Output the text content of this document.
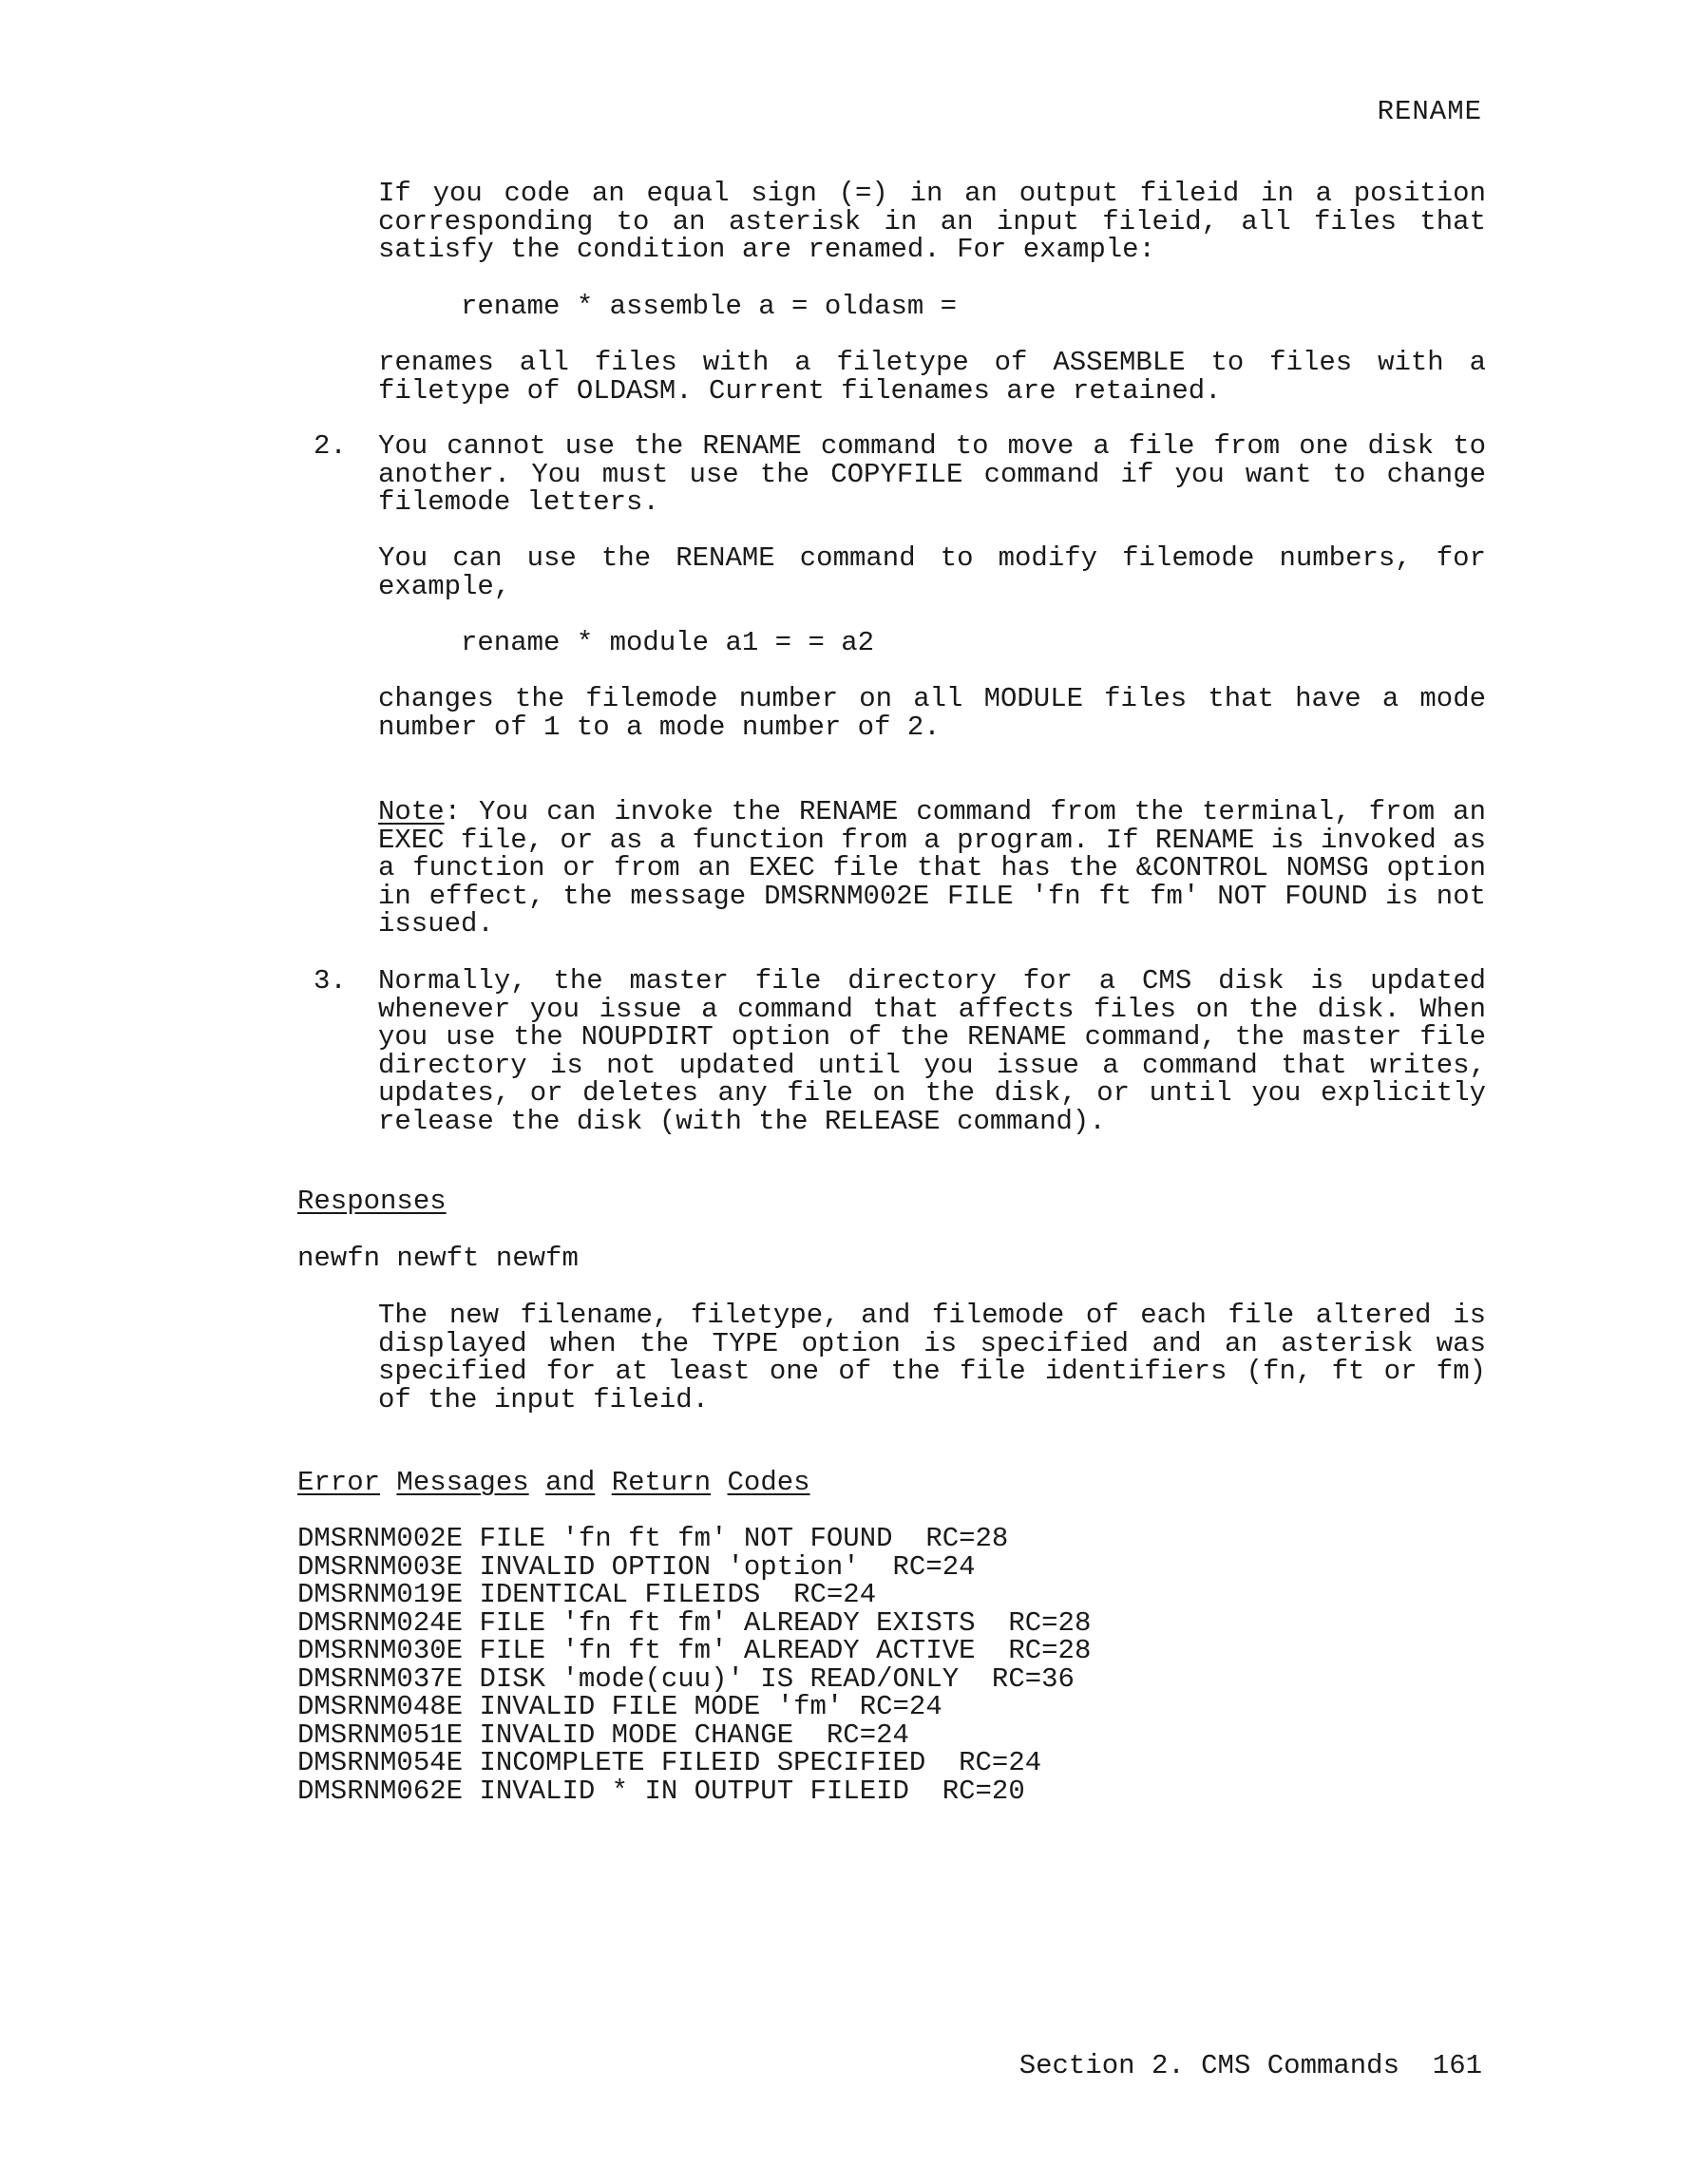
RENAME
If you code an equal sign (=) in an output fileid in a position
corresponding to an asterisk in an input fileid, all files that
satisfy the condition are renamed. For example:
rename * assemble a = oldasm =
renames all files with a filetype of ASSEMBLE to files with a
filetype of OLDASM. Current filenames are retained.
2. You cannot use the RENAME command to move a file from one disk to
another. You must use the COPYFILE command if you want to change
filemode letters.
You can use the RENAME command to modify filemode numbers, for
example,
rename * module a1 = = a2
changes the filemode number on all MODULE files that have a mode
number of 1 to a mode number of 2.
Note: You can invoke the RENAME command from the terminal, from an
EXEC file, or as a function from a program. If RENAME is invoked as
a function or from an EXEC file that has the &CONTROL NOMSG option
in effect, the message DMSRNM002E FILE 'fn ft fm' NOT FOUND is not
issued.
3. Normally, the master file directory for a CMS disk is updated
whenever you issue a command that affects files on the disk. When
you use the NOUPDIRT option of the RENAME command, the master file
directory is not updated until you issue a command that writes,
updates, or deletes any file on the disk, or until you explicitly
release the disk (with the RELEASE command).
Responses
newfn newft newfm
The new filename, filetype, and filemode of each file altered is
displayed when the TYPE option is specified and an asterisk was
specified for at least one of the file identifiers (fn, ft or fm)
of the input fileid.
Error Messages and Return Codes
DMSRNM002E FILE 'fn ft fm' NOT FOUND  RC=28
DMSRNM003E INVALID OPTION 'option'  RC=24
DMSRNM019E IDENTICAL FILEIDS  RC=24
DMSRNM024E FILE 'fn ft fm' ALREADY EXISTS  RC=28
DMSRNM030E FILE 'fn ft fm' ALREADY ACTIVE  RC=28
DMSRNM037E DISK 'mode(cuu)' IS READ/ONLY  RC=36
DMSRNM048E INVALID FILE MODE 'fm' RC=24
DMSRNM051E INVALID MODE CHANGE  RC=24
DMSRNM054E INCOMPLETE FILEID SPECIFIED  RC=24
DMSRNM062E INVALID * IN OUTPUT FILEID  RC=20
Section 2. CMS Commands  161
